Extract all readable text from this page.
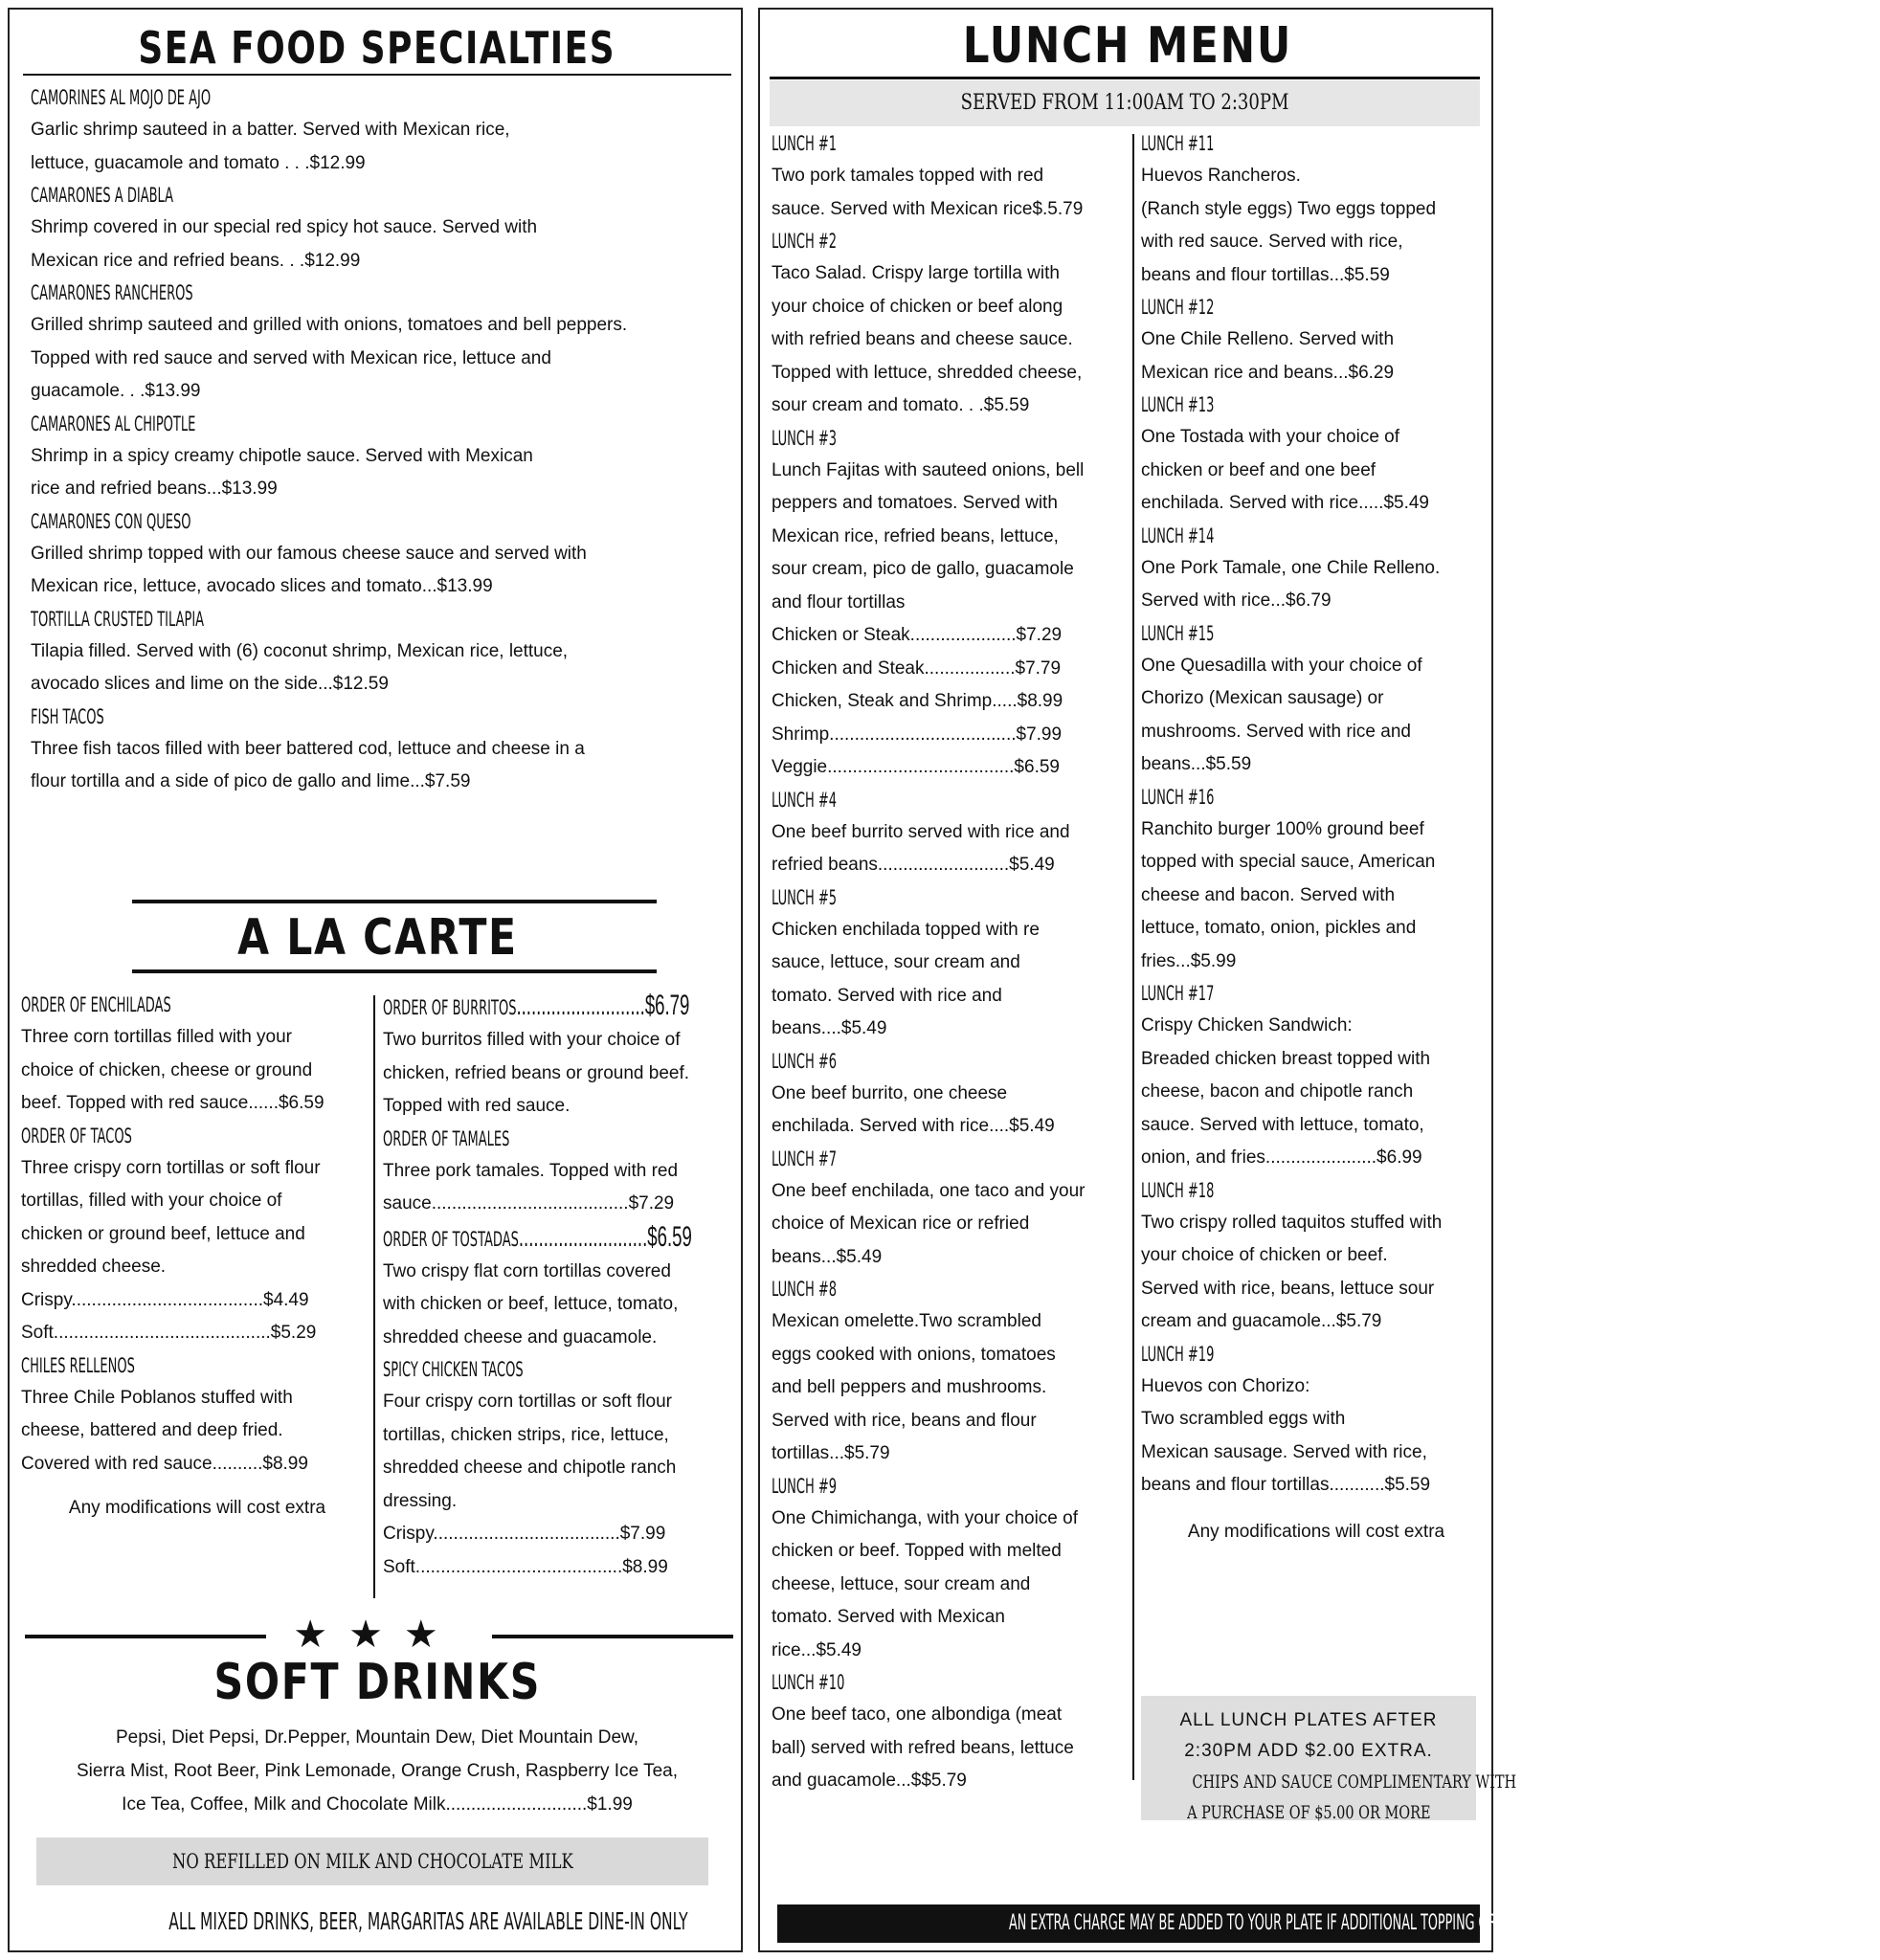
SEA FOOD SPECIALTIES
CAMORINES AL MOJO DE AJO
Garlic shrimp sauteed in a batter. Served with Mexican rice,
lettuce, guacamole and tomato . . .$12.99
CAMARONES A DIABLA
Shrimp covered in our special red spicy hot sauce. Served with
Mexican rice and refried beans. . .$12.99
CAMARONES RANCHEROS
Grilled shrimp sauteed and grilled with onions, tomatoes and bell peppers.
Topped with red sauce and served with Mexican rice, lettuce and
guacamole. . .$13.99
CAMARONES AL CHIPOTLE
Shrimp in a spicy creamy chipotle sauce. Served with Mexican
rice and refried beans...$13.99
CAMARONES CON QUESO
Grilled shrimp topped with our famous cheese sauce and served with
Mexican rice, lettuce, avocado slices and tomato...$13.99
TORTILLA CRUSTED TILAPIA
Tilapia filled. Served with (6) coconut shrimp, Mexican rice, lettuce,
avocado slices and lime on the side...$12.59
FISH TACOS
Three fish tacos filled with beer battered cod, lettuce and cheese in a
flour tortilla and a side of pico de gallo and lime...$7.59
A LA CARTE
ORDER OF ENCHILADAS
Three corn tortillas filled with your
choice of chicken, cheese or ground
beef. Topped with red sauce......$6.59
ORDER OF TACOS
Three crispy corn tortillas or soft flour
tortillas, filled with your choice of
chicken or ground beef, lettuce and
shredded cheese.
Crispy......................................$4.49
Soft...........................................$5.29
CHILES RELLENOS
Three Chile Poblanos stuffed with
cheese, battered and deep fried.
Covered with red sauce..........$8.99
Any modifications will cost extra
ORDER OF BURRITOS..........................$6.79
Two burritos filled with your choice of
chicken, refried beans or ground beef.
Topped with red sauce.
ORDER OF TAMALES
Three pork tamales. Topped with red
sauce.......................................$7.29
ORDER OF TOSTADAS..........................$6.59
Two crispy flat corn tortillas covered
with chicken or beef, lettuce, tomato,
shredded cheese and guacamole.
SPICY CHICKEN TACOS
Four crispy corn tortillas or soft flour
tortillas, chicken strips, rice, lettuce,
shredded cheese and chipotle ranch
dressing.
Crispy.....................................$7.99
Soft.........................................$8.99
★★★
SOFT DRINKS
Pepsi, Diet Pepsi, Dr.Pepper, Mountain Dew, Diet Mountain Dew,
Sierra Mist, Root Beer, Pink Lemonade, Orange Crush, Raspberry Ice Tea,
Ice Tea, Coffee, Milk and Chocolate Milk............................$1.99
NO REFILLED ON MILK AND CHOCOLATE MILK
ALL MIXED DRINKS, BEER, MARGARITAS ARE AVAILABLE DINE-IN ONLY
LUNCH MENU
SERVED FROM 11:00AM TO 2:30PM
LUNCH #1
Two pork tamales topped with red
sauce. Served with Mexican rice$.5.79
LUNCH #2
Taco Salad. Crispy large tortilla with
your choice of chicken or beef along
with refried beans and cheese sauce.
Topped with lettuce, shredded cheese,
sour cream and tomato. . .$5.59
LUNCH #3
Lunch Fajitas with sauteed onions, bell
peppers and tomatoes. Served with
Mexican rice, refried beans, lettuce,
sour cream, pico de gallo, guacamole
and flour tortillas
Chicken or Steak.....................$7.29
Chicken and Steak..................$7.79
Chicken, Steak and Shrimp.....$8.99
Shrimp.....................................$7.99
Veggie.....................................$6.59
LUNCH #4
One beef burrito served with rice and
refried beans..........................$5.49
LUNCH #5
Chicken enchilada topped with re
sauce, lettuce, sour cream and
tomato. Served with rice and
beans....$5.49
LUNCH #6
One beef burrito, one cheese
enchilada. Served with rice....$5.49
LUNCH #7
One beef enchilada, one taco and your
choice of Mexican rice or refried
beans...$5.49
LUNCH #8
Mexican omelette.Two scrambled
eggs cooked with onions, tomatoes
and bell peppers and mushrooms.
Served with rice, beans and flour
tortillas...$5.79
LUNCH #9
One Chimichanga, with your choice of
chicken or beef. Topped with melted
cheese, lettuce, sour cream and
tomato. Served with Mexican
rice...$5.49
LUNCH #10
One beef taco, one albondiga (meat
ball) served with refred beans, lettuce
and guacamole...$$5.79
LUNCH #11
Huevos Rancheros.
(Ranch style eggs) Two eggs topped
with red sauce. Served with rice,
beans and flour tortillas...$5.59
LUNCH #12
One Chile Relleno. Served with
Mexican rice and beans...$6.29
LUNCH #13
One Tostada with your choice of
chicken or beef and one beef
enchilada. Served with rice.....$5.49
LUNCH #14
One Pork Tamale, one Chile Relleno.
Served with rice...$6.79
LUNCH #15
One Quesadilla with your choice of
Chorizo (Mexican sausage) or
mushrooms. Served with rice and
beans...$5.59
LUNCH #16
Ranchito burger 100% ground beef
topped with special sauce, American
cheese and bacon. Served with
lettuce, tomato, onion, pickles and
fries...$5.99
LUNCH #17
Crispy Chicken Sandwich:
Breaded chicken breast topped with
cheese, bacon and chipotle ranch
sauce. Served with lettuce, tomato,
onion, and fries......................$6.99
LUNCH #18
Two crispy rolled taquitos stuffed with
your choice of chicken or beef.
Served with rice, beans, lettuce sour
cream and guacamole...$5.79
LUNCH #19
Huevos con Chorizo:
Two scrambled eggs with
Mexican sausage. Served with rice,
beans and flour tortillas...........$5.59
Any modifications will cost extra
ALL LUNCH PLATES AFTER
2:30PM ADD $2.00 EXTRA.
CHIPS AND SAUCE COMPLIMENTARY WITH
A PURCHASE OF $5.00 OR MORE
AN EXTRA CHARGE MAY BE ADDED TO YOUR PLATE IF ADDITIONAL TOPPING OR ITEMS ARE REQUESTED.
